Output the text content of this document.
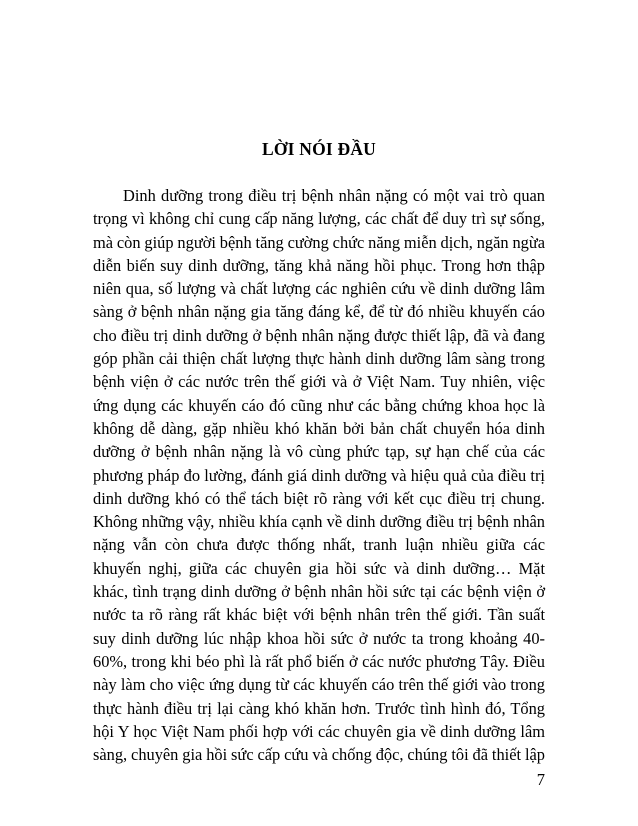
LỜI NÓI ĐẦU

Dinh dưỡng trong điều trị bệnh nhân nặng có một vai trò quan trọng vì không chỉ cung cấp năng lượng, các chất để duy trì sự sống, mà còn giúp người bệnh tăng cường chức năng miễn dịch, ngăn ngừa diễn biến suy dinh dưỡng, tăng khả năng hồi phục. Trong hơn thập niên qua, số lượng và chất lượng các nghiên cứu về dinh dưỡng lâm sàng ở bệnh nhân nặng gia tăng đáng kể, để từ đó nhiều khuyến cáo cho điều trị dinh dưỡng ở bệnh nhân nặng được thiết lập, đã và đang góp phần cải thiện chất lượng thực hành dinh dưỡng lâm sàng trong bệnh viện ở các nước trên thế giới và ở Việt Nam. Tuy nhiên, việc ứng dụng các khuyến cáo đó cũng như các bằng chứng khoa học là không dễ dàng, gặp nhiều khó khăn bởi bản chất chuyển hóa dinh dưỡng ở bệnh nhân nặng là vô cùng phức tạp, sự hạn chế của các phương pháp đo lường, đánh giá dinh dưỡng và hiệu quả của điều trị dinh dưỡng khó có thể tách biệt rõ ràng với kết cục điều trị chung. Không những vậy, nhiều khía cạnh về dinh dưỡng điều trị bệnh nhân nặng vẫn còn chưa được thống nhất, tranh luận nhiều giữa các khuyến nghị, giữa các chuyên gia hồi sức và dinh dưỡng… Mặt khác, tình trạng dinh dưỡng ở bệnh nhân hồi sức tại các bệnh viện ở nước ta rõ ràng rất khác biệt với bệnh nhân trên thế giới. Tần suất suy dinh dưỡng lúc nhập khoa hồi sức ở nước ta trong khoảng 40-60%, trong khi béo phì là rất phổ biến ở các nước phương Tây. Điều này làm cho việc ứng dụng từ các khuyến cáo trên thế giới vào trong thực hành điều trị lại càng khó khăn hơn. Trước tình hình đó, Tổng hội Y học Việt Nam phối hợp với các chuyên gia về dinh dưỡng lâm sàng, chuyên gia hồi sức cấp cứu và chống độc, chúng tôi đã thiết lập

7
